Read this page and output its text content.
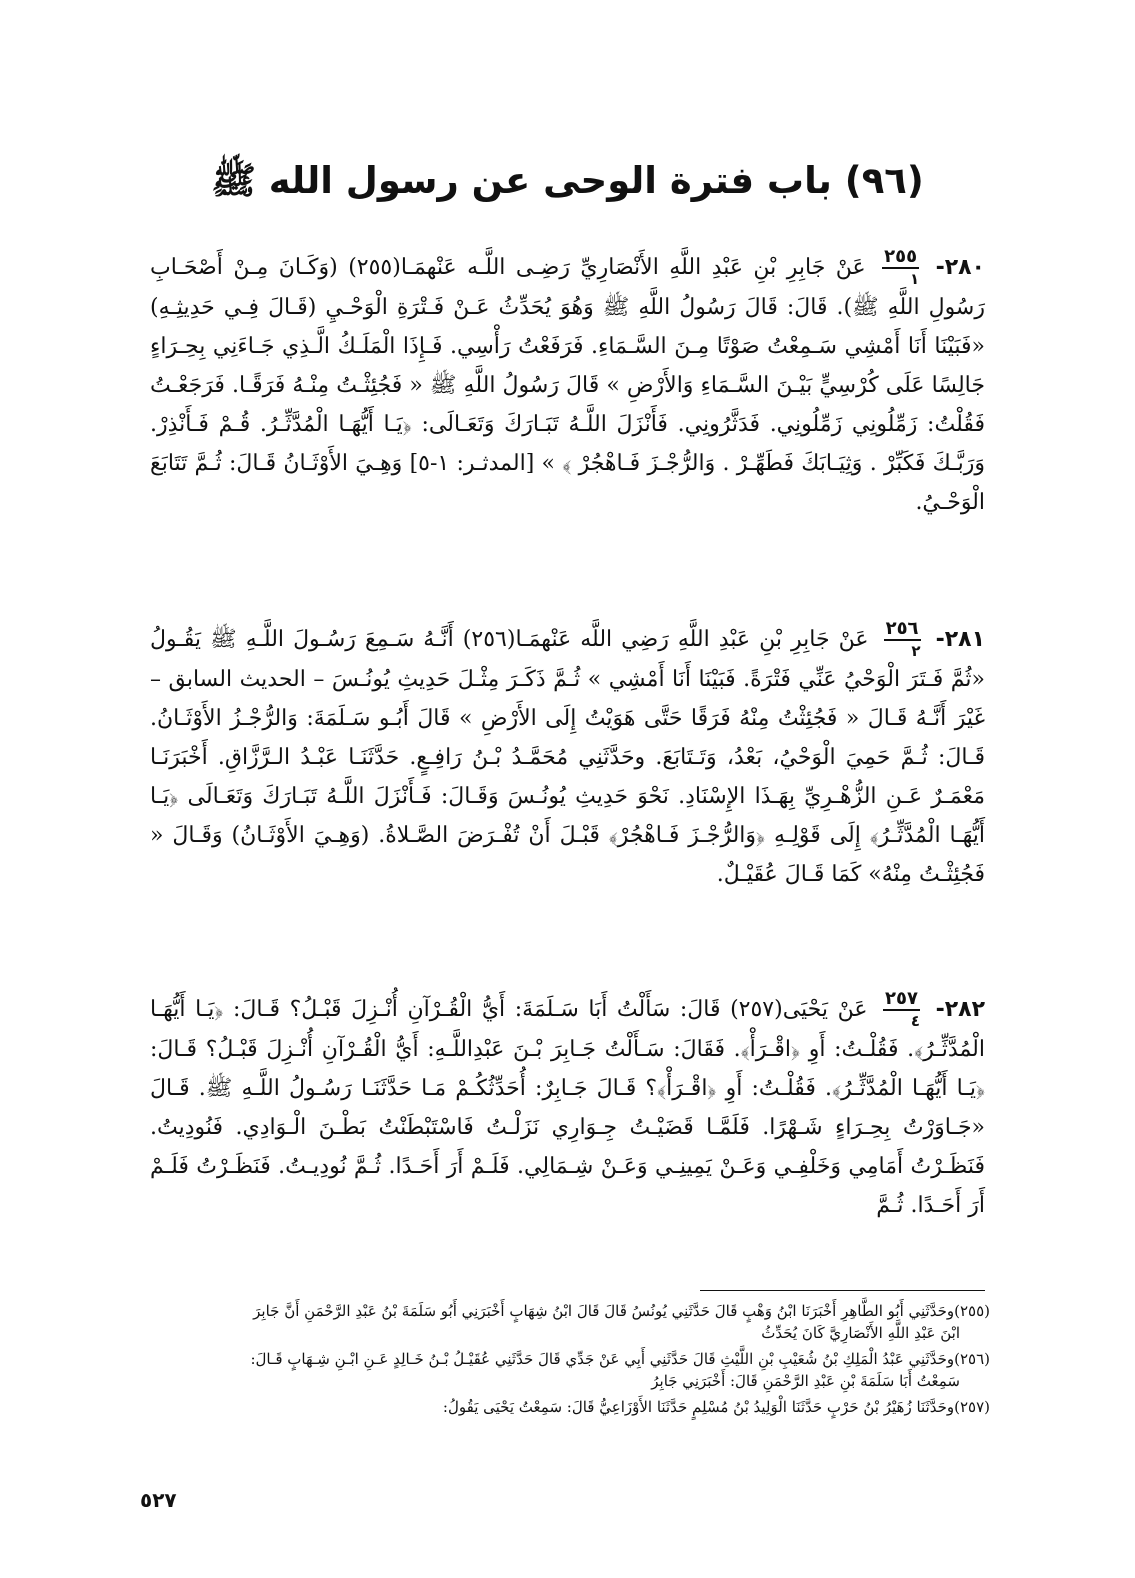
(٩٦) باب فترة الوحى عن رسول الله ﷺ
٢٨٠-
٢٥٥
١
عَنْ جَابِرِ بْنِ عَبْدِ اللَّهِ الأَنْصَارِيِّ رَضِـى اللَّـه عَنْهمَـا(٢٥٥) (وَكَـانَ مِـنْ أَصْحَـابِ رَسُولِ اللَّهِ ﷺ). قَالَ: قَالَ رَسُولُ اللَّهِ ﷺ وَهُوَ يُحَدِّثُ عَـنْ فَـتْرَةِ الْوَحْـيِ (قَـالَ فِـي حَدِيثِـهِ) «فَبَيْنَا أَنَا أَمْشِي سَـمِعْتُ صَوْتًا مِـنَ السَّـمَاءِ. فَرَفَعْتُ رَأْسِي. فَـإِذَا الْمَلَـكُ الَّـذِي جَـاءَنِي بِحِـرَاءٍ جَالِسًا عَلَى كُرْسِيٍّ بَيْـنَ السَّـمَاءِ وَالأَرْضِ » قَالَ رَسُولُ اللَّهِ ﷺ « فَجُئِثْـتُ مِنْـهُ فَرَقًـا. فَرَجَعْـتُ فَقُلْتُ: زَمِّلُونِي زَمِّلُونِي. فَدَثَّرُونِي. فَأَنْزَلَ اللَّـهُ تَبَـارَكَ وَتَعَـالَى: ﴿يَـا أَيُّهَـا الْمُدَّثِّـرُ. قُـمْ فَـأَنْذِرْ. وَرَبَّـكَ فَكَبِّرْ . وَثِيَـابَكَ فَطَهِّـرْ . وَالرُّجْـزَ فَـاهْجُرْ ﴾ » [المدثـر: ١-٥] وَهِـيَ الأَوْثَـانُ قَـالَ: ثُـمَّ تَتَابَعَ الْوَحْـيُ.
٢٨١-
٢٥٦
٢
عَنْ جَابِرِ بْنِ عَبْدِ اللَّهِ رَضِي اللَّه عَنْهمَـا(٢٥٦) أَنَّـهُ سَـمِعَ رَسُـولَ اللَّـهِ ﷺ يَقُـولُ «ثُمَّ فَـتَرَ الْوَحْيُ عَنِّي فَتْرَةً. فَبَيْنَا أَنَا أَمْشِي » ثُـمَّ ذَكَـرَ مِثْـلَ حَدِيثِ يُونُـسَ – الحديث السابق – غَيْرَ أَنَّـهُ قَـالَ « فَجُئِثْتُ مِنْهُ فَرَقًا حَتَّى هَوَيْتُ إِلَى الأَرْضِ » قَالَ أَبُـو سَـلَمَةَ: وَالرُّجْـزُ الأَوْثَـانُ. قَـالَ: ثُـمَّ حَمِيَ الْوَحْيُ، بَعْدُ، وَتَـتَابَعَ. وحَدَّثَنِي مُحَمَّـدُ بْـنُ رَافِـعٍ. حَدَّثَنَـا عَبْـدُ الـرَّزَّاقِ. أَخْبَرَنَـا مَعْمَـرٌ عَـنِ الزُّهْـرِيِّ بِهَـذَا الإِسْنَادِ. نَحْوَ حَدِيثِ يُونُـسَ وَقَـالَ: فَـأَنْزَلَ اللَّـهُ تَبَـارَكَ وَتَعَـالَى ﴿يَـا أَيُّهَـا الْمُدَّثِّـرُ﴾ إِلَى قَوْلِـهِ ﴿وَالرُّجْـزَ فَـاهْجُرْ﴾ قَبْـلَ أَنْ تُفْـرَضَ الصَّـلاةُ. (وَهِـيَ الأَوْثَـانُ) وَقَـالَ « فَجُئِثْـتُ مِنْهُ» كَمَا قَـالَ عُقَيْـلٌ.
٢٨٢-
٢٥٧
٤
عَنْ يَحْيَى(٢٥٧) قَالَ: سَأَلْتُ أَبَا سَـلَمَةَ: أَيُّ الْقُـرْآنِ أُنْـزِلَ قَبْـلُ؟ قَـالَ: ﴿يَـا أَيُّهَـا الْمُدَّثِّـرُ﴾. فَقُلْـتُ: أَوِ ﴿اقْـرَأْ﴾. فَقَالَ: سَـأَلْتُ جَـابِرَ بْـنَ عَبْدِاللَّـهِ: أَيُّ الْقُـرْآنِ أُنْـزِلَ قَبْـلُ؟ قَـالَ: ﴿يَـا أَيُّهَـا الْمُدَّثِّـرُ﴾. فَقُلْـتُ: أَوِ ﴿اقْـرَأْ﴾؟ قَـالَ جَـابِرٌ: أُحَدِّثُكُـمْ مَـا حَدَّثَنَـا رَسُـولُ اللَّـهِ ﷺ. قَـالَ «جَـاوَرْتُ بِحِـرَاءٍ شَـهْرًا. فَلَمَّـا قَضَيْـتُ جِـوَارِي نَزَلْـتُ فَاسْتَبْطَنْتُ بَطْـنَ الْـوَادِي. فَنُودِيتُ. فَنَظَـرْتُ أَمَامِي وَخَلْفِـي وَعَـنْ يَمِينِـي وَعَـنْ شِـمَالِي. فَلَـمْ أَرَ أَحَـدًا. ثُـمَّ نُودِيـتُ. فَنَظَـرْتُ فَلَـمْ أَرَ أَحَـدًا. ثُـمَّ

(٢٥٥)وحَدَّثَنِي أَبُو الطَّاهِرِ أَخْبَرَنَا ابْنُ وَهْبٍ قَالَ حَدَّثَنِي يُونُسُ قَالَ قَالَ ابْنُ شِهَابٍ أَخْبَرَنِي أَبُو سَلَمَةَ بْنُ عَبْدِ الرَّحْمَنِ أَنَّ جَابِرَ
ابْنَ عَبْدِ اللَّهِ الأَنْصَارِيَّ كَانَ يُحَدِّثُ

(٢٥٦)وحَدَّثَنِي عَبْدُ الْمَلِكِ بْنُ شُعَيْبِ بْنِ اللَّيْثِ قَالَ حَدَّثَنِي أَبِي عَنْ جَدِّي قَالَ حَدَّثَنِي عُقَيْـلُ بْـنُ خَـالِدٍ عَـنِ ابْـنِ شِـهَابٍ قَـالَ:
سَمِعْتُ أَبَا سَلَمَةَ بْنِ عَبْدِ الرَّحْمَنِ قَالَ: أَخْبَرَنِي جَابِرُ

(٢٥٧)وحَدَّثَنَا زُهَيْرُ بْنُ حَرْبٍ حَدَّثَنَا الْوَلِيدُ بْنُ مُسْلِمٍ حَدَّثَنَا الأَوْزَاعِيُّ قَالَ: سَمِعْتُ يَحْيَى يَقُولُ:

٥٢٧
